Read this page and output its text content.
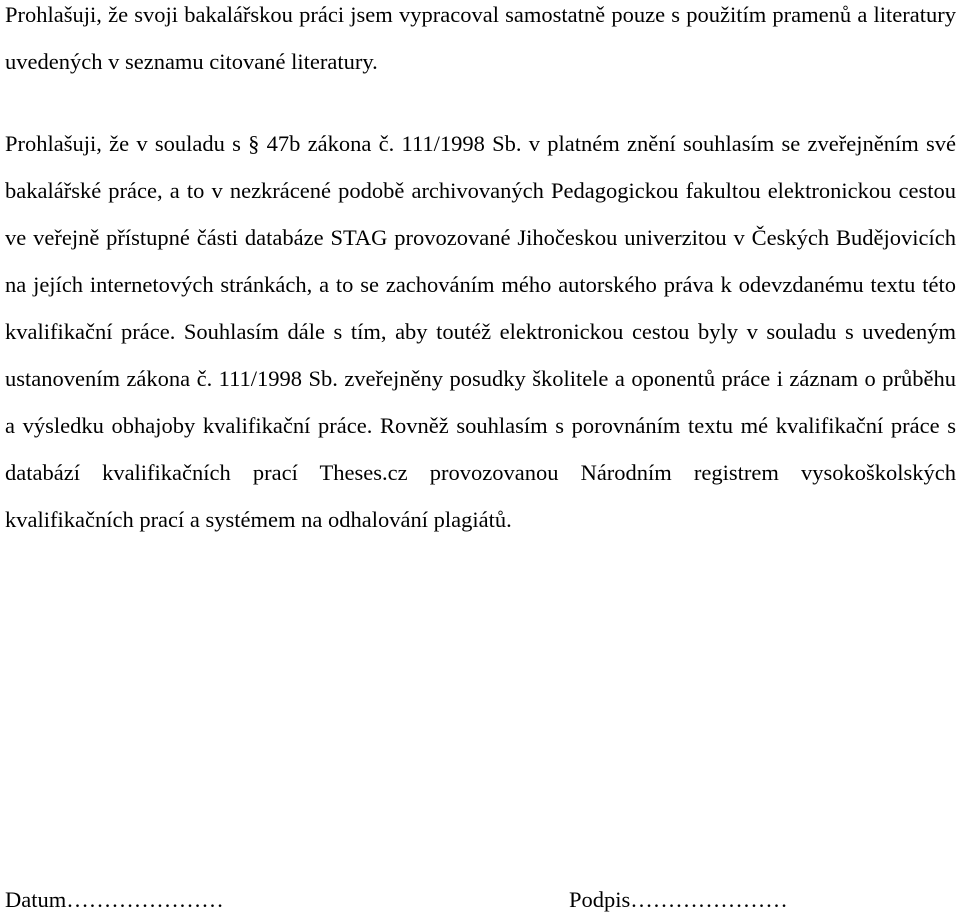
Prohlašuji, že svoji bakalářskou práci jsem vypracoval samostatně pouze s použitím pramenů a literatury uvedených v seznamu citované literatury.

Prohlašuji, že v souladu s § 47b zákona č. 111/1998 Sb. v platném znění souhlasím se zveřejněním své bakalářské práce, a to v nezkrácené podobě archivovaných Pedagogickou fakultou elektronickou cestou ve veřejně přístupné části databáze STAG provozované Jihočeskou univerzitou v Českých Budějovicích na jejích internetových stránkách, a to se zachováním mého autorského práva k odevzdanému textu této kvalifikační práce. Souhlasím dále s tím, aby toutéž elektronickou cestou byly v souladu s uvedeným ustanovením zákona č. 111/1998 Sb. zveřejněny posudky školitele a oponentů práce i záznam o průběhu a výsledku obhajoby kvalifikační práce. Rovněž souhlasím s porovnáním textu mé kvalifikační práce s databází kvalifikačních prací Theses.cz provozovanou Národním registrem vysokoškolských kvalifikačních prací a systémem na odhalování plagiátů.

Datum…………………	Podpis…………………
